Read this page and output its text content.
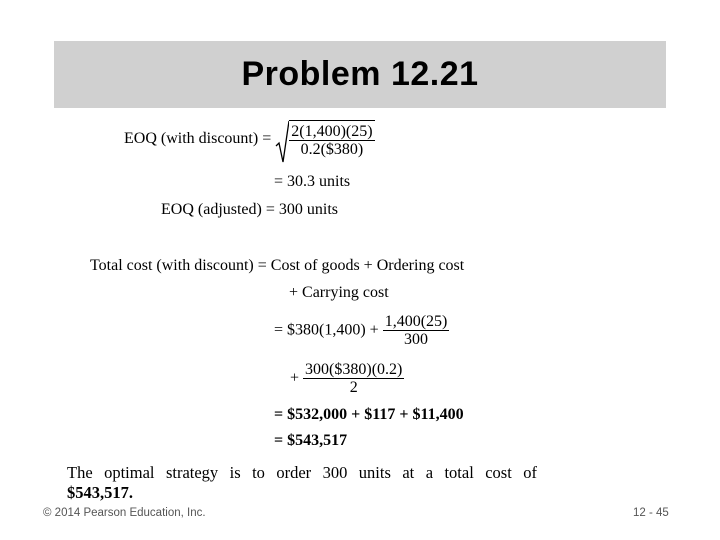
Problem 12.21
EOQ (with discount) = $\frac{2(1,400)(25)}{0.2(\$380)}$
= 30.3 units
EOQ (adjusted) = 300 units
Total cost (with discount) = Cost of goods + Ordering cost
+ Carrying cost
= $380(1,400) + $\frac{1,400(25)}{300}$
+ $\frac{300(\$380)(0.2)}{2}$
= $532,000 + $117 + $11,400
= $543,517
The optimal strategy is to order 300 units at a total cost of
$543,517.
© 2014 Pearson Education, Inc.	12 - 45
